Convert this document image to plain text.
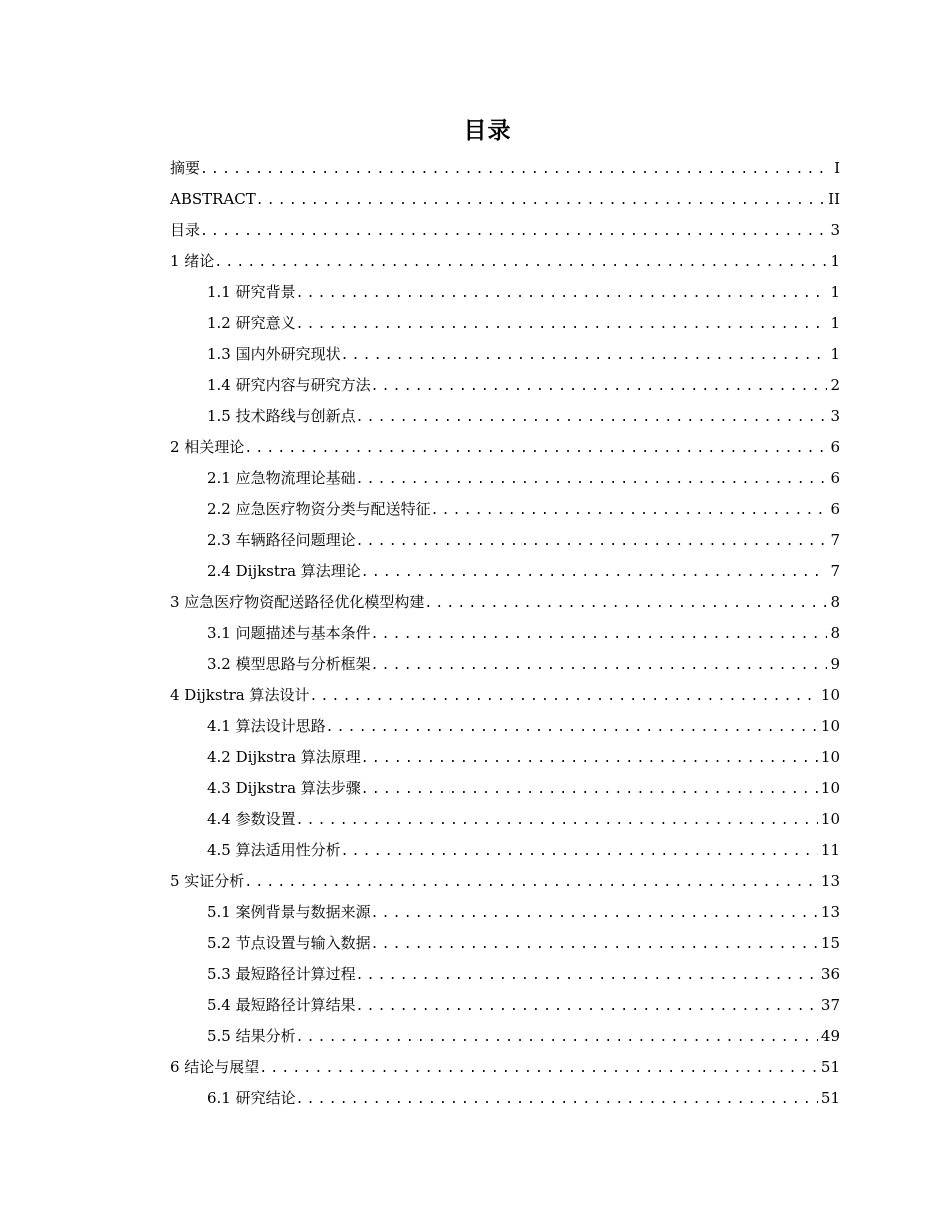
目录
摘要 .....	I
ABSTRACT .....	II
目录 .....	3
1 绪论 .....	1
1.1 研究背景 .....	1
1.2 研究意义 .....	1
1.3 国内外研究现状 .....	1
1.4 研究内容与研究方法 .....	2
1.5 技术路线与创新点 .....	3
2 相关理论 .....	6
2.1 应急物流理论基础 .....	6
2.2 应急医疗物资分类与配送特征 .....	6
2.3 车辆路径问题理论 .....	7
2.4 Dijkstra 算法理论 .....	7
3 应急医疗物资配送路径优化模型构建 .....	8
3.1 问题描述与基本条件 .....	8
3.2 模型思路与分析框架 .....	9
4 Dijkstra 算法设计 .....	10
4.1 算法设计思路 .....	10
4.2 Dijkstra 算法原理 .....	10
4.3 Dijkstra 算法步骤 .....	10
4.4 参数设置 .....	10
4.5 算法适用性分析 .....	11
5 实证分析 .....	13
5.1 案例背景与数据来源 .....	13
5.2 节点设置与输入数据 .....	15
5.3 最短路径计算过程 .....	36
5.4 最短路径计算结果 .....	37
5.5 结果分析 .....	49
6 结论与展望 .....	51
6.1 研究结论 .....	51
